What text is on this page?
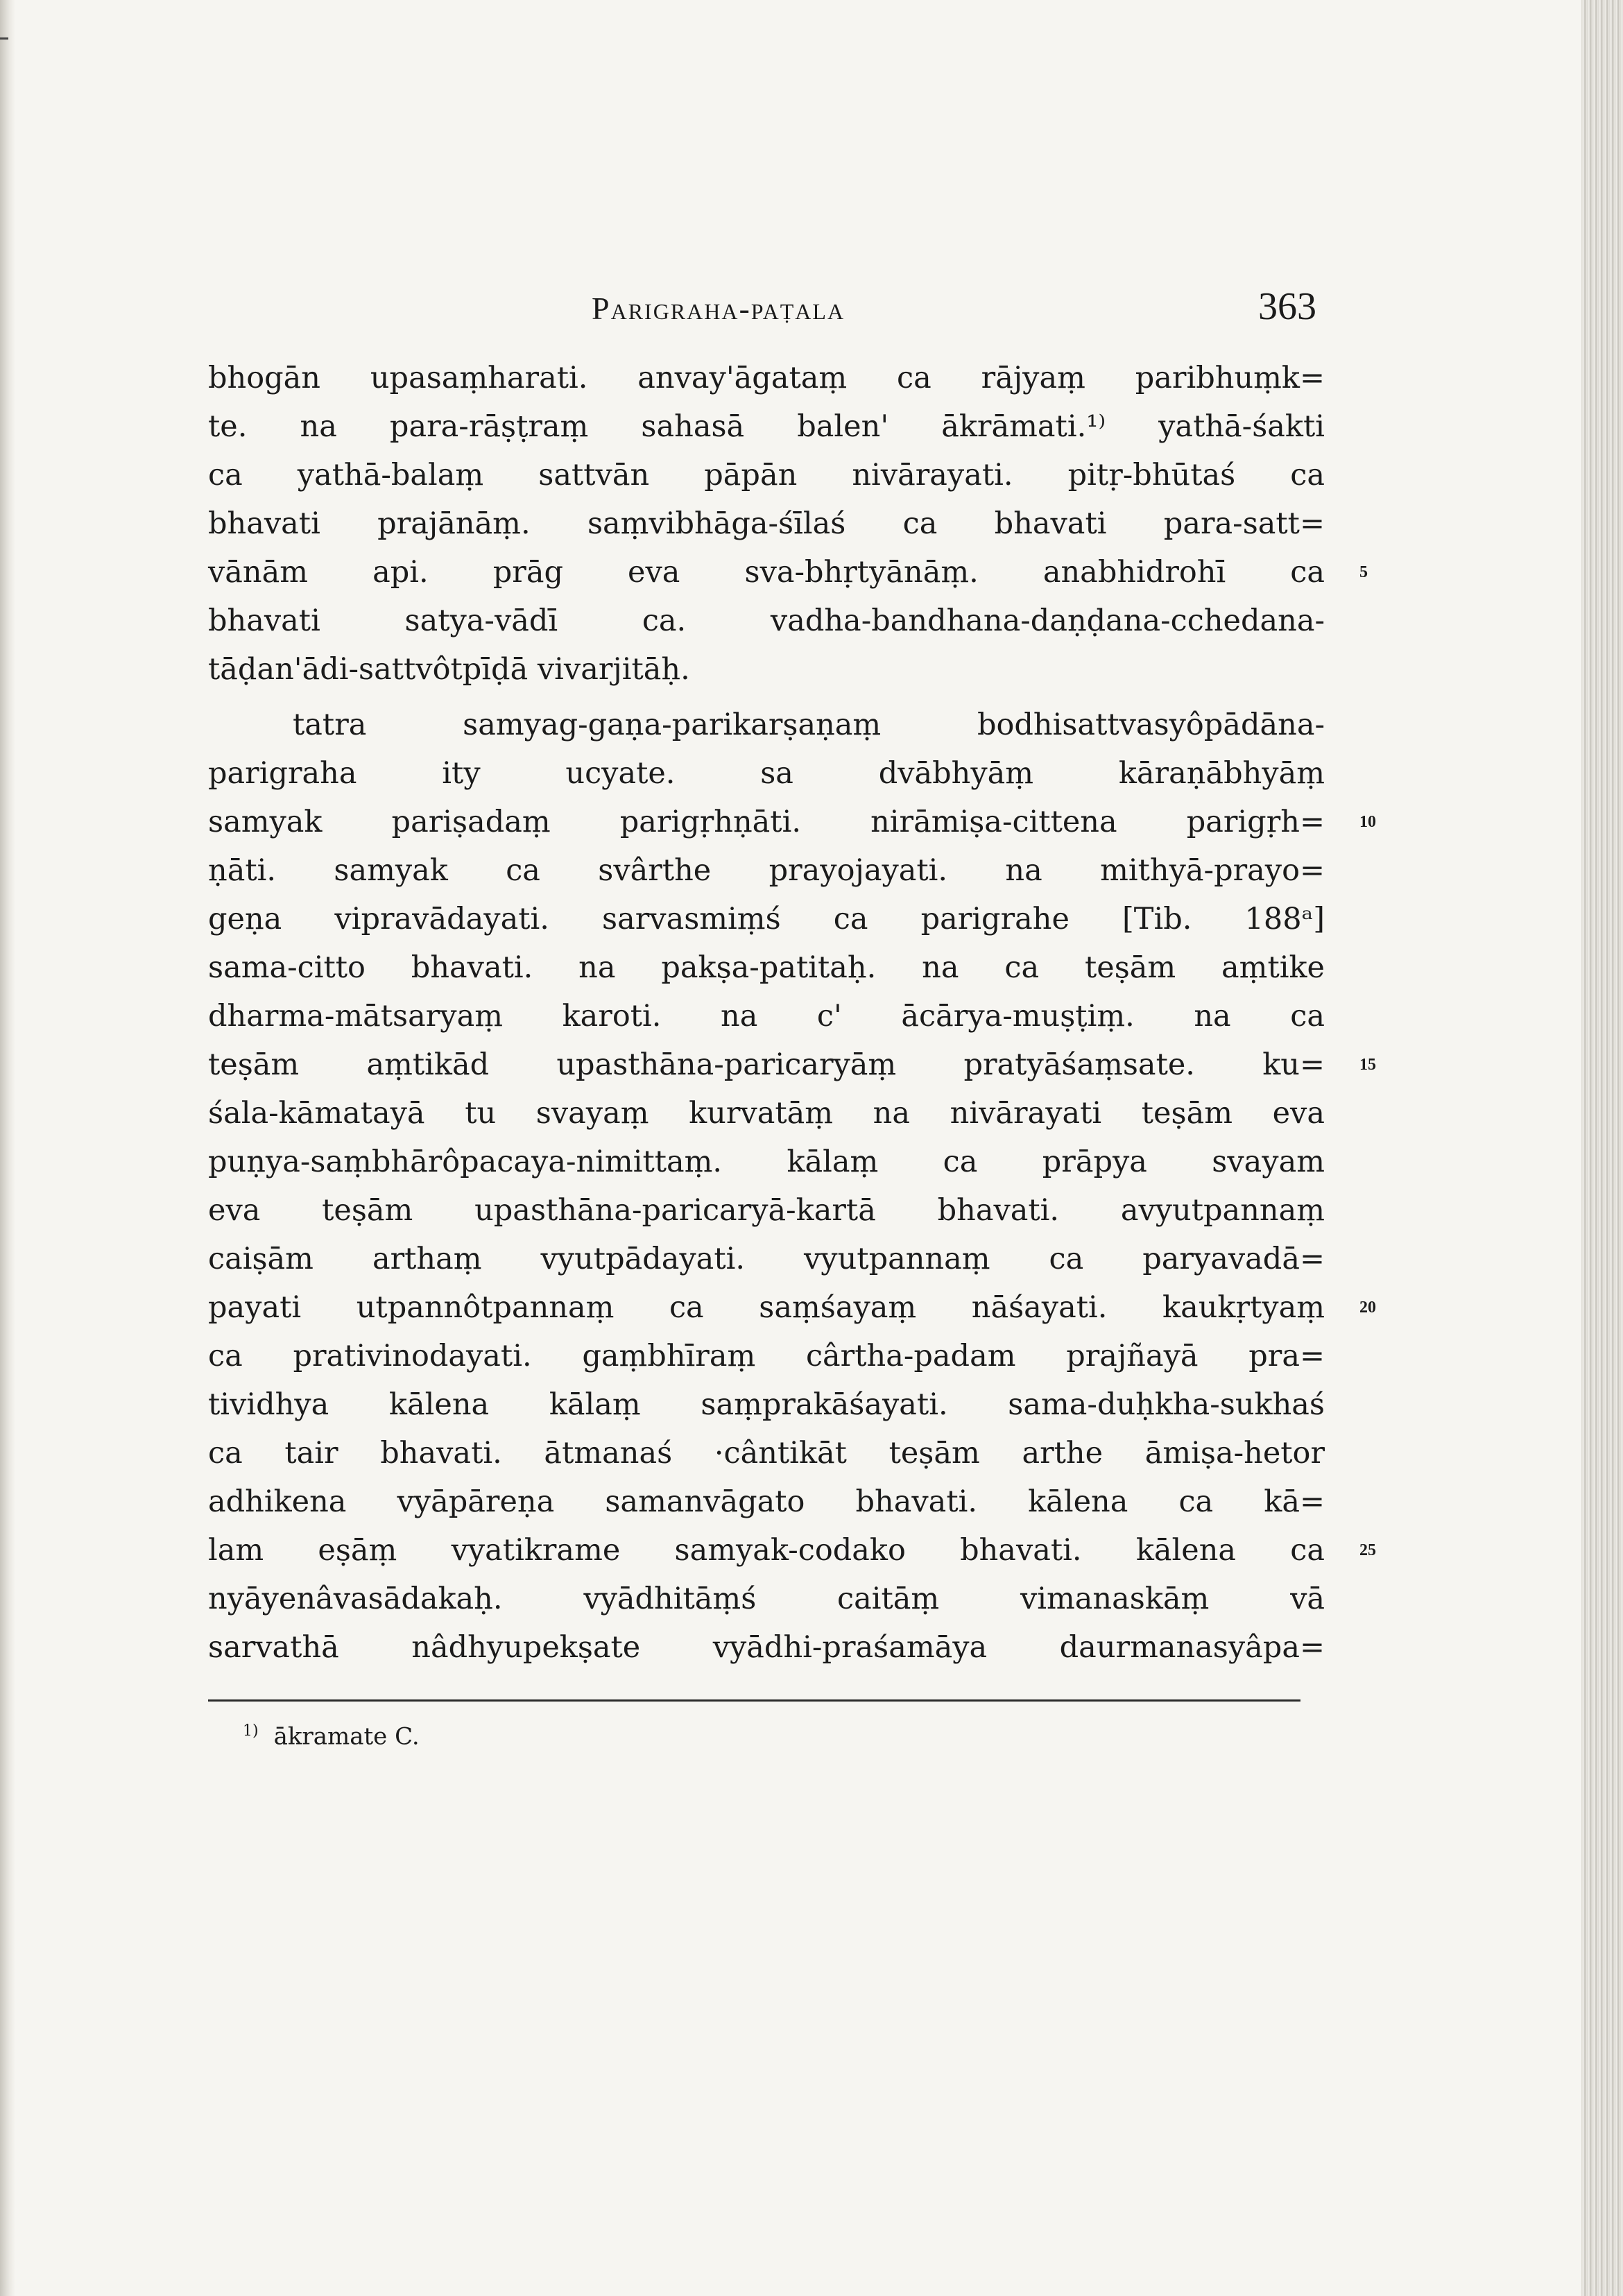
Parigraha-paṭala	363
bhogān upasaṃharati. anvay'āgataṃ ca rājyaṃ paribhuṃk=
te. na para-rāṣṭraṃ sahasā balen' ākrāmati.¹⁾ yathā-śakti
ca yathā-balaṃ sattvān pāpān nivārayati. pitṛ-bhūtaś ca
bhavati prajānāṃ. saṃvibhāga-śīlaś ca bhavati para-satt=
vānām api. prāg eva sva-bhṛtyānāṃ. anabhidrohī ca 5
bhavati satya-vādī ca. vadha-bandhana-daṇḍana-cchedana-
tāḍan'ādi-sattvôtpīḍā vivarjitāḥ.
tatra samyag-gaṇa-parikarṣaṇaṃ bodhisattvasyôpādāna-
parigraha ity ucyate. sa dvābhyāṃ kāraṇābhyāṃ
samyak pariṣadaṃ parigṛhṇāti. nirāmiṣa-cittena parigṛh= 10
ṇāti. samyak ca svârthe prayojayati. na mithyā-prayo=
geṇa vipravādayati. sarvasmiṃś ca parigrahe [Tib. 188ᵃ]
sama-citto bhavati. na pakṣa-patitaḥ. na ca teṣām aṃtike
dharma-mātsaryaṃ karoti. na c' ācārya-muṣṭiṃ. na ca
teṣām aṃtikād upasthāna-paricaryāṃ pratyāśaṃsate. ku= 15
śala-kāmatayā tu svayaṃ kurvatāṃ na nivārayati teṣām eva
puṇya-saṃbhārôpacaya-nimittaṃ. kālaṃ ca prāpya svayam
eva teṣām upasthāna-paricaryā-kartā bhavati. avyutpannaṃ
caiṣām arthaṃ vyutpādayati. vyutpannaṃ ca paryavadā=
payati utpannôtpannaṃ ca saṃśayaṃ nāśayati. kaukṛtyaṃ 20
ca prativinodayati. gaṃbhīraṃ cârtha-padam prajñayā pra=
tividhya kālena kālaṃ saṃprakāśayati. sama-duḥkha-sukhaś
ca tair bhavati. ātmanaś ·cântikāt teṣām arthe āmiṣa-hetor
adhikena vyāpāreṇa samanvāgato bhavati. kālena ca kā=
lam eṣāṃ vyatikrame samyak-codako bhavati. kālena ca 25
nyāyenâvasādakaḥ. vyādhitāṃś caitāṃ vimanaskāṃ vā
sarvathā nâdhyupekṣate vyādhi-praśamāya daurmanasyâpa=
$^{1)}$ ākramate C.
